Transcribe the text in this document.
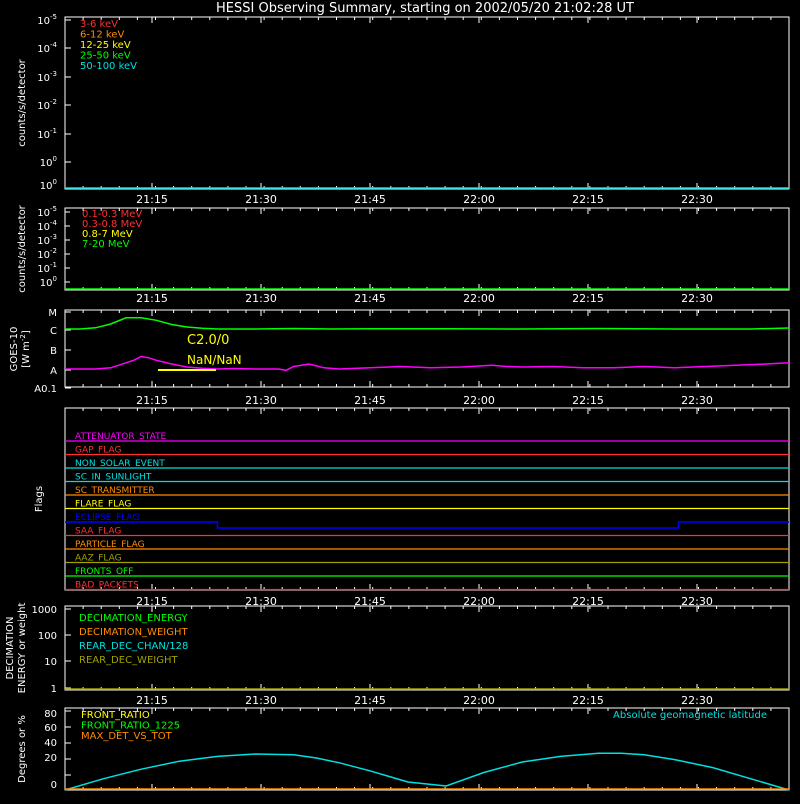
HESSI Observing Summary, starting on 2002/05/20 21:02:28 UT
21:15	21:30	21:45	22:00	22:15	22:30
counts/s/detector
$10^{-5}$
$10^{-4}$
$10^{-3}$
$10^{-2}$
$10^{-1}$
$10^0$
$10^0$
3-6 keV
6-12 keV
12-25 keV
25-50 keV
50-100 keV
21:15	21:30	21:45	22:00	22:15	22:30
counts/s/detector $10^{-5}$
$10^{-4}$
$10^{-3}$
$10^{-2}$
$10^{-1}$
$10^0$
0.1-0.3 MeV
0.3-0.8 MeV
0.8-7 MeV
7-20 MeV
21:15	21:30	21:45	22:00	22:15	22:30
M
C
B
A
A0.1
GOES-10 [W $m^{-2}$]
C2.0/0
NaN/NaN
21:15	21:30	21:45	22:00	22:15	22:30
Flags
ATTENUATOR_STATE
GAP_FLAG
NON_SOLAR_EVENT
SC_IN_SUNLIGHT
SC_TRANSMITTER
FLARE_FLAG
ECLIPSE_FLAG
SAA_FLAG
PARTICLE_FLAG
AAZ_FLAG
FRONTS_OFF
BAD_PACKETS
21:15	21:30	21:45	22:00	22:15	22:30
DECIMATION ENERGY or weight 1000
100
10
1
DECIMATION_ENERGY
DECIMATION_WEIGHT
REAR_DEC_CHAN/128
REAR_DEC_WEIGHT
Degrees or %
80
60
40
20
0
FRONT_RATIO
FRONT_RATIO_1225
MAX_DET_VS_TOT
Absolute geomagnetic latitude
